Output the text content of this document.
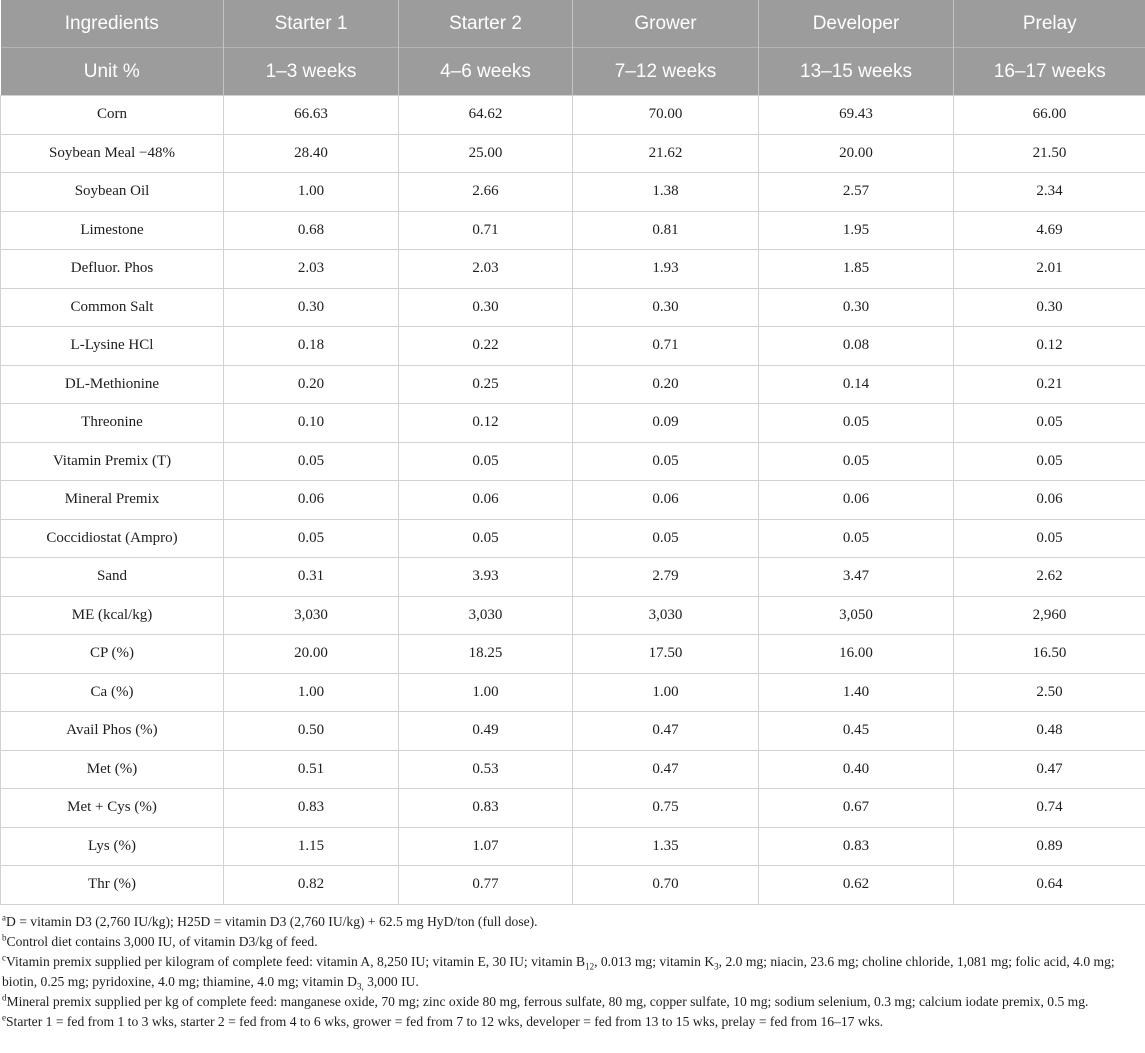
Ingredients	Starter 1	Starter 2	Grower	Developer	Prelay
Unit %	1–3 weeks	4–6 weeks	7–12 weeks	13–15 weeks	16–17 weeks
Corn	66.63	64.62	70.00	69.43	66.00
Soybean Meal −48%	28.40	25.00	21.62	20.00	21.50
Soybean Oil	1.00	2.66	1.38	2.57	2.34
Limestone	0.68	0.71	0.81	1.95	4.69
Defluor. Phos	2.03	2.03	1.93	1.85	2.01
Common Salt	0.30	0.30	0.30	0.30	0.30
L-Lysine HCl	0.18	0.22	0.71	0.08	0.12
DL-Methionine	0.20	0.25	0.20	0.14	0.21
Threonine	0.10	0.12	0.09	0.05	0.05
Vitamin Premix (T)	0.05	0.05	0.05	0.05	0.05
Mineral Premix	0.06	0.06	0.06	0.06	0.06
Coccidiostat (Ampro)	0.05	0.05	0.05	0.05	0.05
Sand	0.31	3.93	2.79	3.47	2.62
ME (kcal/kg)	3,030	3,030	3,030	3,050	2,960
CP (%)	20.00	18.25	17.50	16.00	16.50
Ca (%)	1.00	1.00	1.00	1.40	2.50
Avail Phos (%)	0.50	0.49	0.47	0.45	0.48
Met (%)	0.51	0.53	0.47	0.40	0.47
Met + Cys (%)	0.83	0.83	0.75	0.67	0.74
Lys (%)	1.15	1.07	1.35	0.83	0.89
Thr (%)	0.82	0.77	0.70	0.62	0.64

$^a$D = vitamin D3 (2,760 IU/kg); H25D = vitamin D3 (2,760 IU/kg) + 62.5 mg HyD/ton (full dose).

$^b$Control diet contains 3,000 IU, of vitamin D3/kg of feed.

$^c$Vitamin premix supplied per kilogram of complete feed: vitamin A, 8,250 IU; vitamin E, 30 IU; vitamin $B_{12}$, 0.013 mg; vitamin $K_3$, 2.0 mg; niacin, 23.6 mg; choline chloride, 1,081 mg; folic acid, 4.0 mg; biotin, 0.25 mg; pyridoxine, 4.0 mg; thiamine, 4.0 mg; vitamin $D_{3,}$ 3,000 IU.

$^d$Mineral premix supplied per kg of complete feed: manganese oxide, 70 mg; zinc oxide 80 mg, ferrous sulfate, 80 mg, copper sulfate, 10 mg; sodium selenium, 0.3 mg; calcium iodate premix, 0.5 mg.

$^e$Starter 1 = fed from 1 to 3 wks, starter 2 = fed from 4 to 6 wks, grower = fed from 7 to 12 wks, developer = fed from 13 to 15 wks, prelay = fed from 16–17 wks.
